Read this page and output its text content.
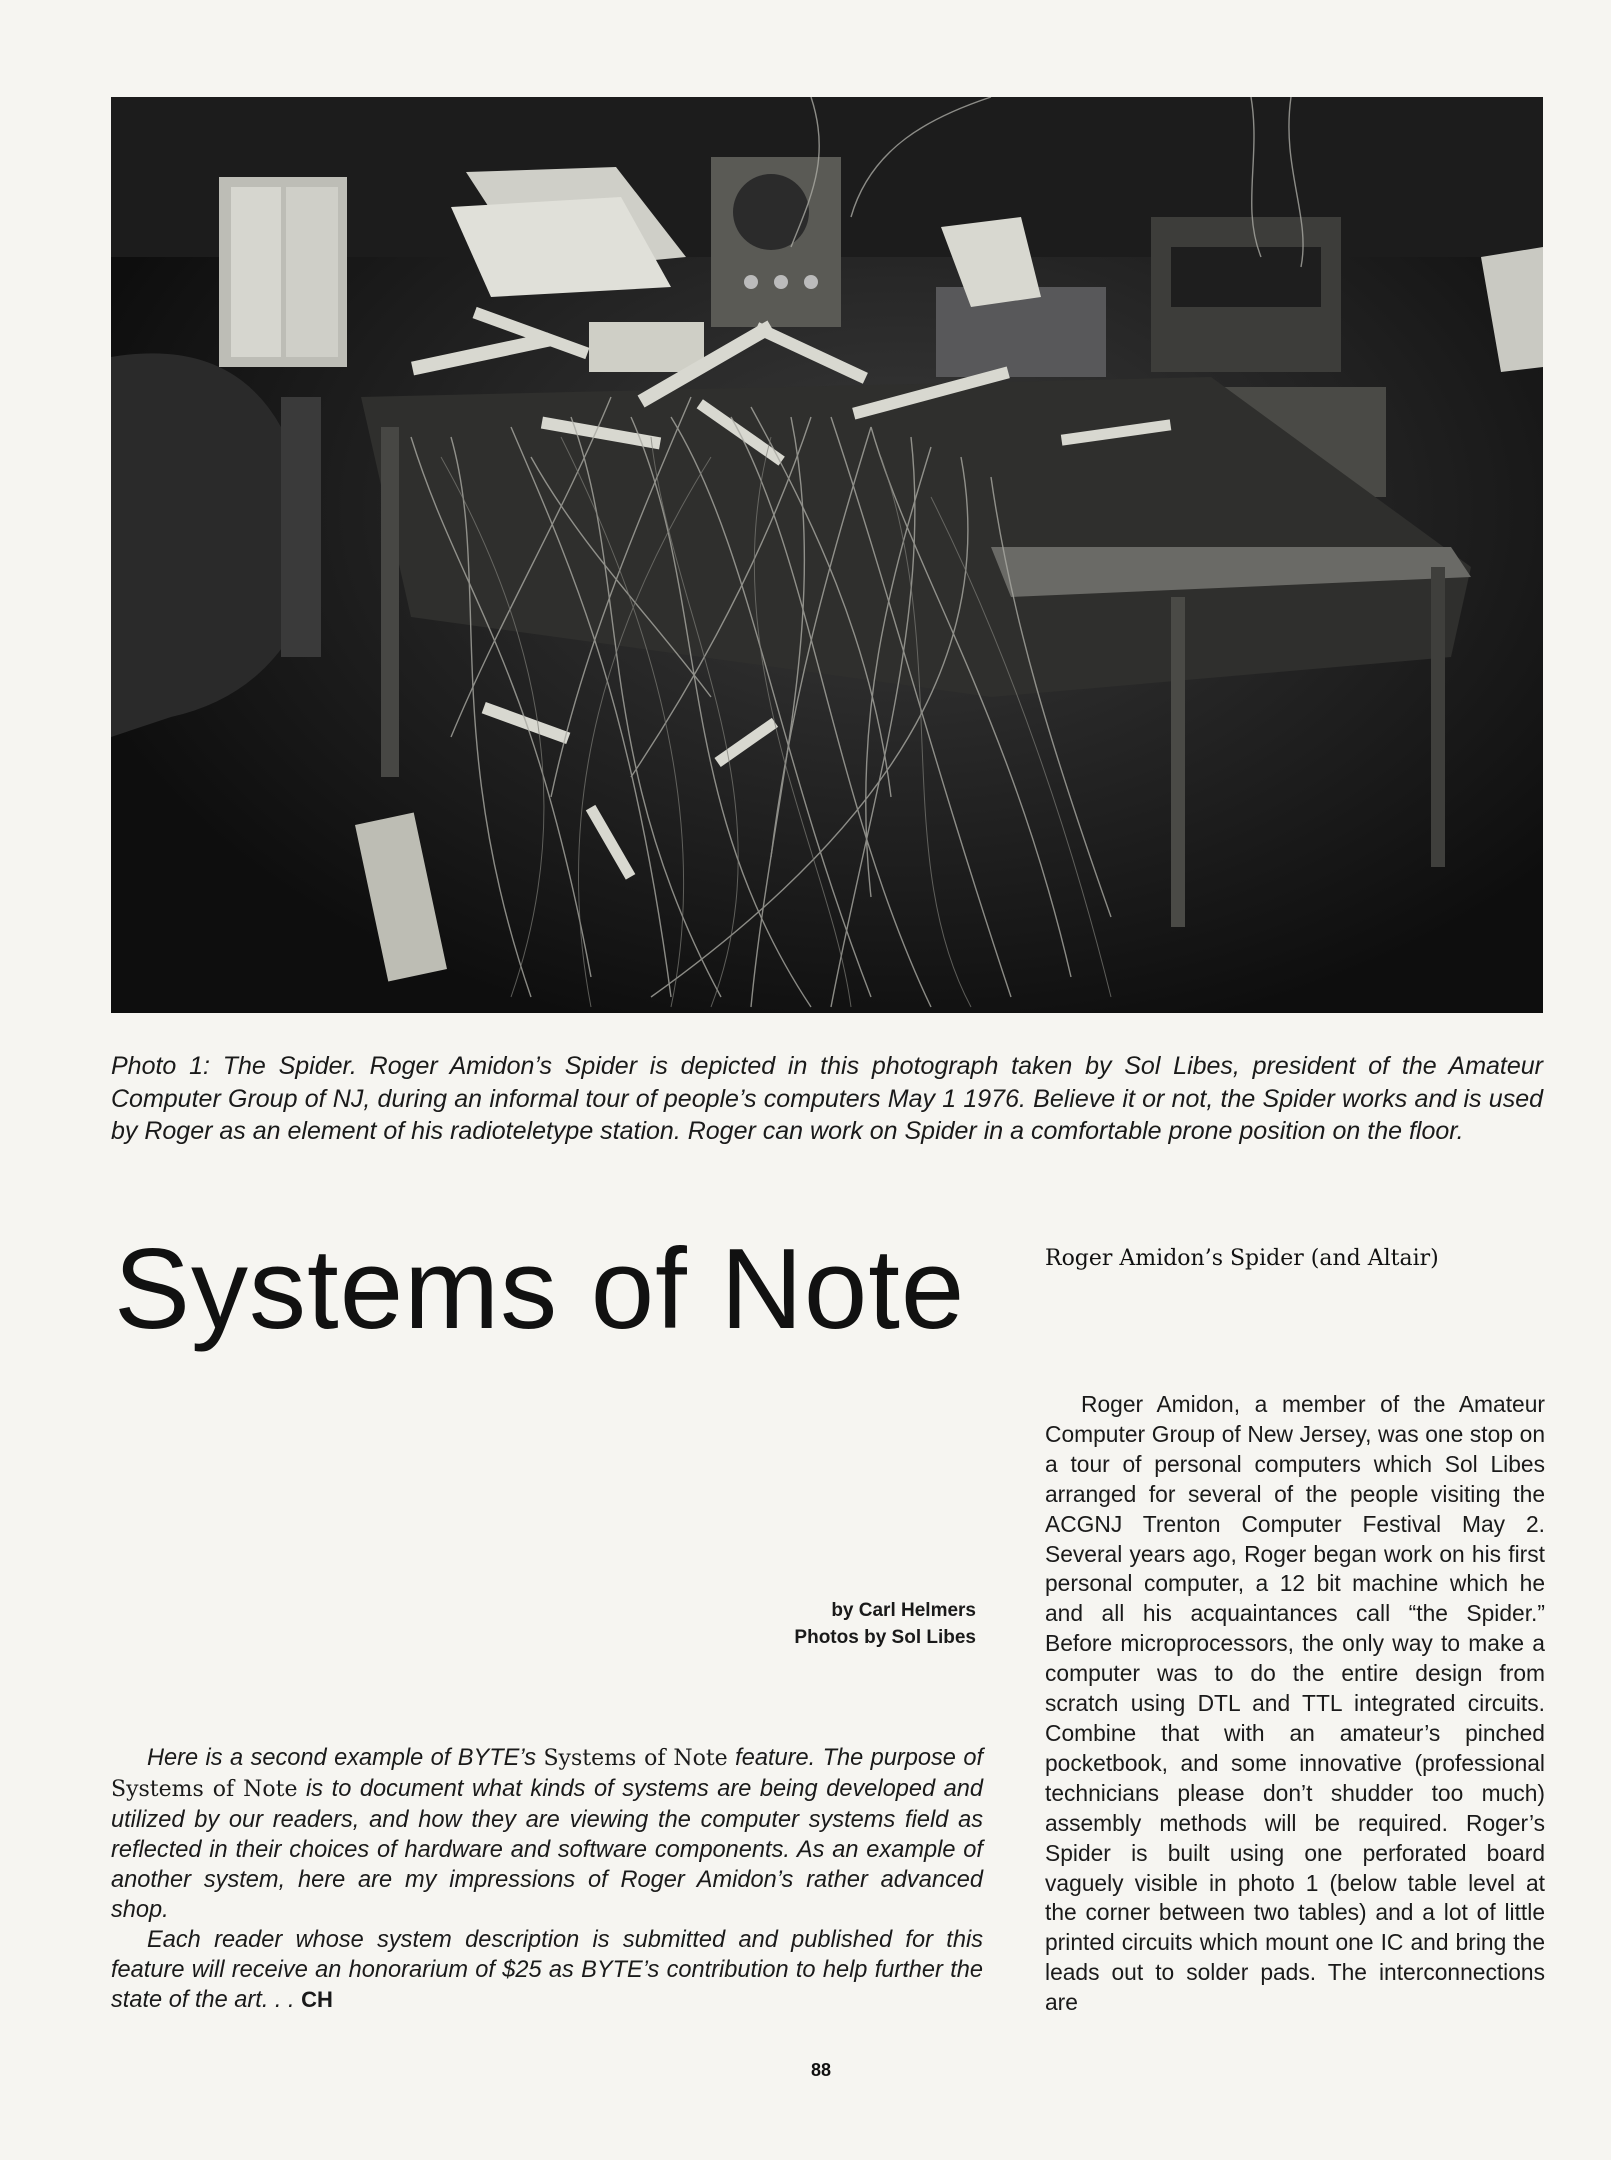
Photo 1: The Spider. Roger Amidon’s Spider is depicted in this photograph taken by Sol Libes, president of the Amateur Computer Group of NJ, during an informal tour of people’s computers May 1 1976. Believe it or not, the Spider works and is used by Roger as an element of his radioteletype station. Roger can work on Spider in a comfortable prone position on the floor.
Systems of Note
by Carl Helmers
Photos by Sol Libes

Here is a second example of BYTE’s Systems of Note feature. The purpose of Systems of Note is to document what kinds of systems are being developed and utilized by our readers, and how they are viewing the computer systems field as reflected in their choices of hardware and software components. As an example of another system, here are my impressions of Roger Amidon’s rather advanced shop.

Each reader whose system description is submitted and published for this feature will receive an honorarium of $25 as BYTE’s contribution to help further the state of the art. . . CH

Roger Amidon’s Spider (and Altair)

Roger Amidon, a member of the Amateur Computer Group of New Jersey, was one stop on a tour of personal computers which Sol Libes arranged for several of the people visiting the ACGNJ Trenton Computer Festival May 2. Several years ago, Roger began work on his first personal computer, a 12 bit machine which he and all his acquaintances call “the Spider.” Before microprocessors, the only way to make a computer was to do the entire design from scratch using DTL and TTL integrated circuits. Combine that with an amateur’s pinched pocketbook, and some innovative (professional technicians please don’t shudder too much) assembly methods will be required. Roger’s Spider is built using one perforated board vaguely visible in photo 1 (below table level at the corner between two tables) and a lot of little printed circuits which mount one IC and bring the leads out to solder pads. The interconnections are

88
